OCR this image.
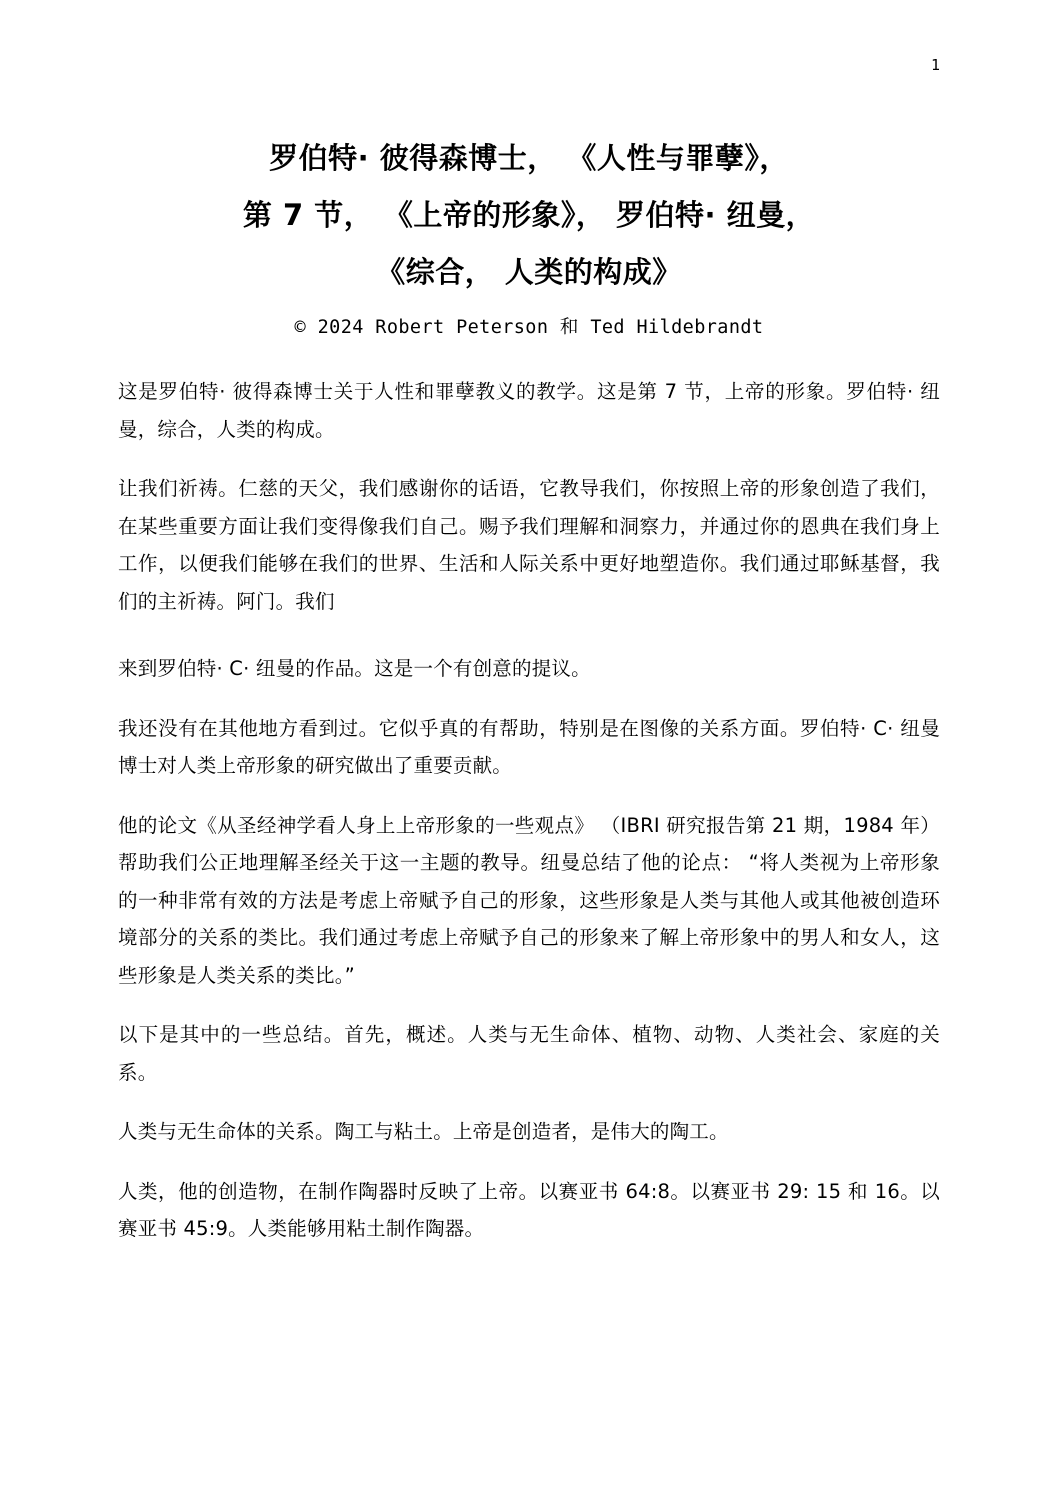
1
罗伯特· 彼得森博士， 《人性与罪孽》，
第 7 节， 《上帝的形象》， 罗伯特· 纽曼，
《综合， 人类的构成》
© 2024 Robert Peterson 和 Ted Hildebrandt

这是罗伯特· 彼得森博士关于人性和罪孽教义的教学。这是第 7 节，上帝的形象。罗伯特· 纽曼，综合，人类的构成。

让我们祈祷。仁慈的天父，我们感谢你的话语，它教导我们，你按照上帝的形象创造了我们，在某些重要方面让我们变得像我们自己。赐予我们理解和洞察力，并通过你的恩典在我们身上工作，以便我们能够在我们的世界、生活和人际关系中更好地塑造你。我们通过耶稣基督，我们的主祈祷。阿门。我们

来到罗伯特· C· 纽曼的作品。这是一个有创意的提议。

我还没有在其他地方看到过。它似乎真的有帮助，特别是在图像的关系方面。罗伯特· C· 纽曼博士对人类上帝形象的研究做出了重要贡献。

他的论文《从圣经神学看人身上上帝形象的一些观点》 （IBRI 研究报告第 21 期，1984 年）帮助我们公正地理解圣经关于这一主题的教导。纽曼总结了他的论点： “将人类视为上帝形象的一种非常有效的方法是考虑上帝赋予自己的形象，这些形象是人类与其他人或其他被创造环境部分的关系的类比。我们通过考虑上帝赋予自己的形象来了解上帝形象中的男人和女人，这些形象是人类关系的类比。”

以下是其中的一些总结。首先，概述。人类与无生命体、植物、动物、人类社会、家庭的关系。

人类与无生命体的关系。陶工与粘土。上帝是创造者，是伟大的陶工。

人类，他的创造物，在制作陶器时反映了上帝。以赛亚书 64:8。以赛亚书 29: 15 和 16。以赛亚书 45:9。人类能够用粘土制作陶器。
